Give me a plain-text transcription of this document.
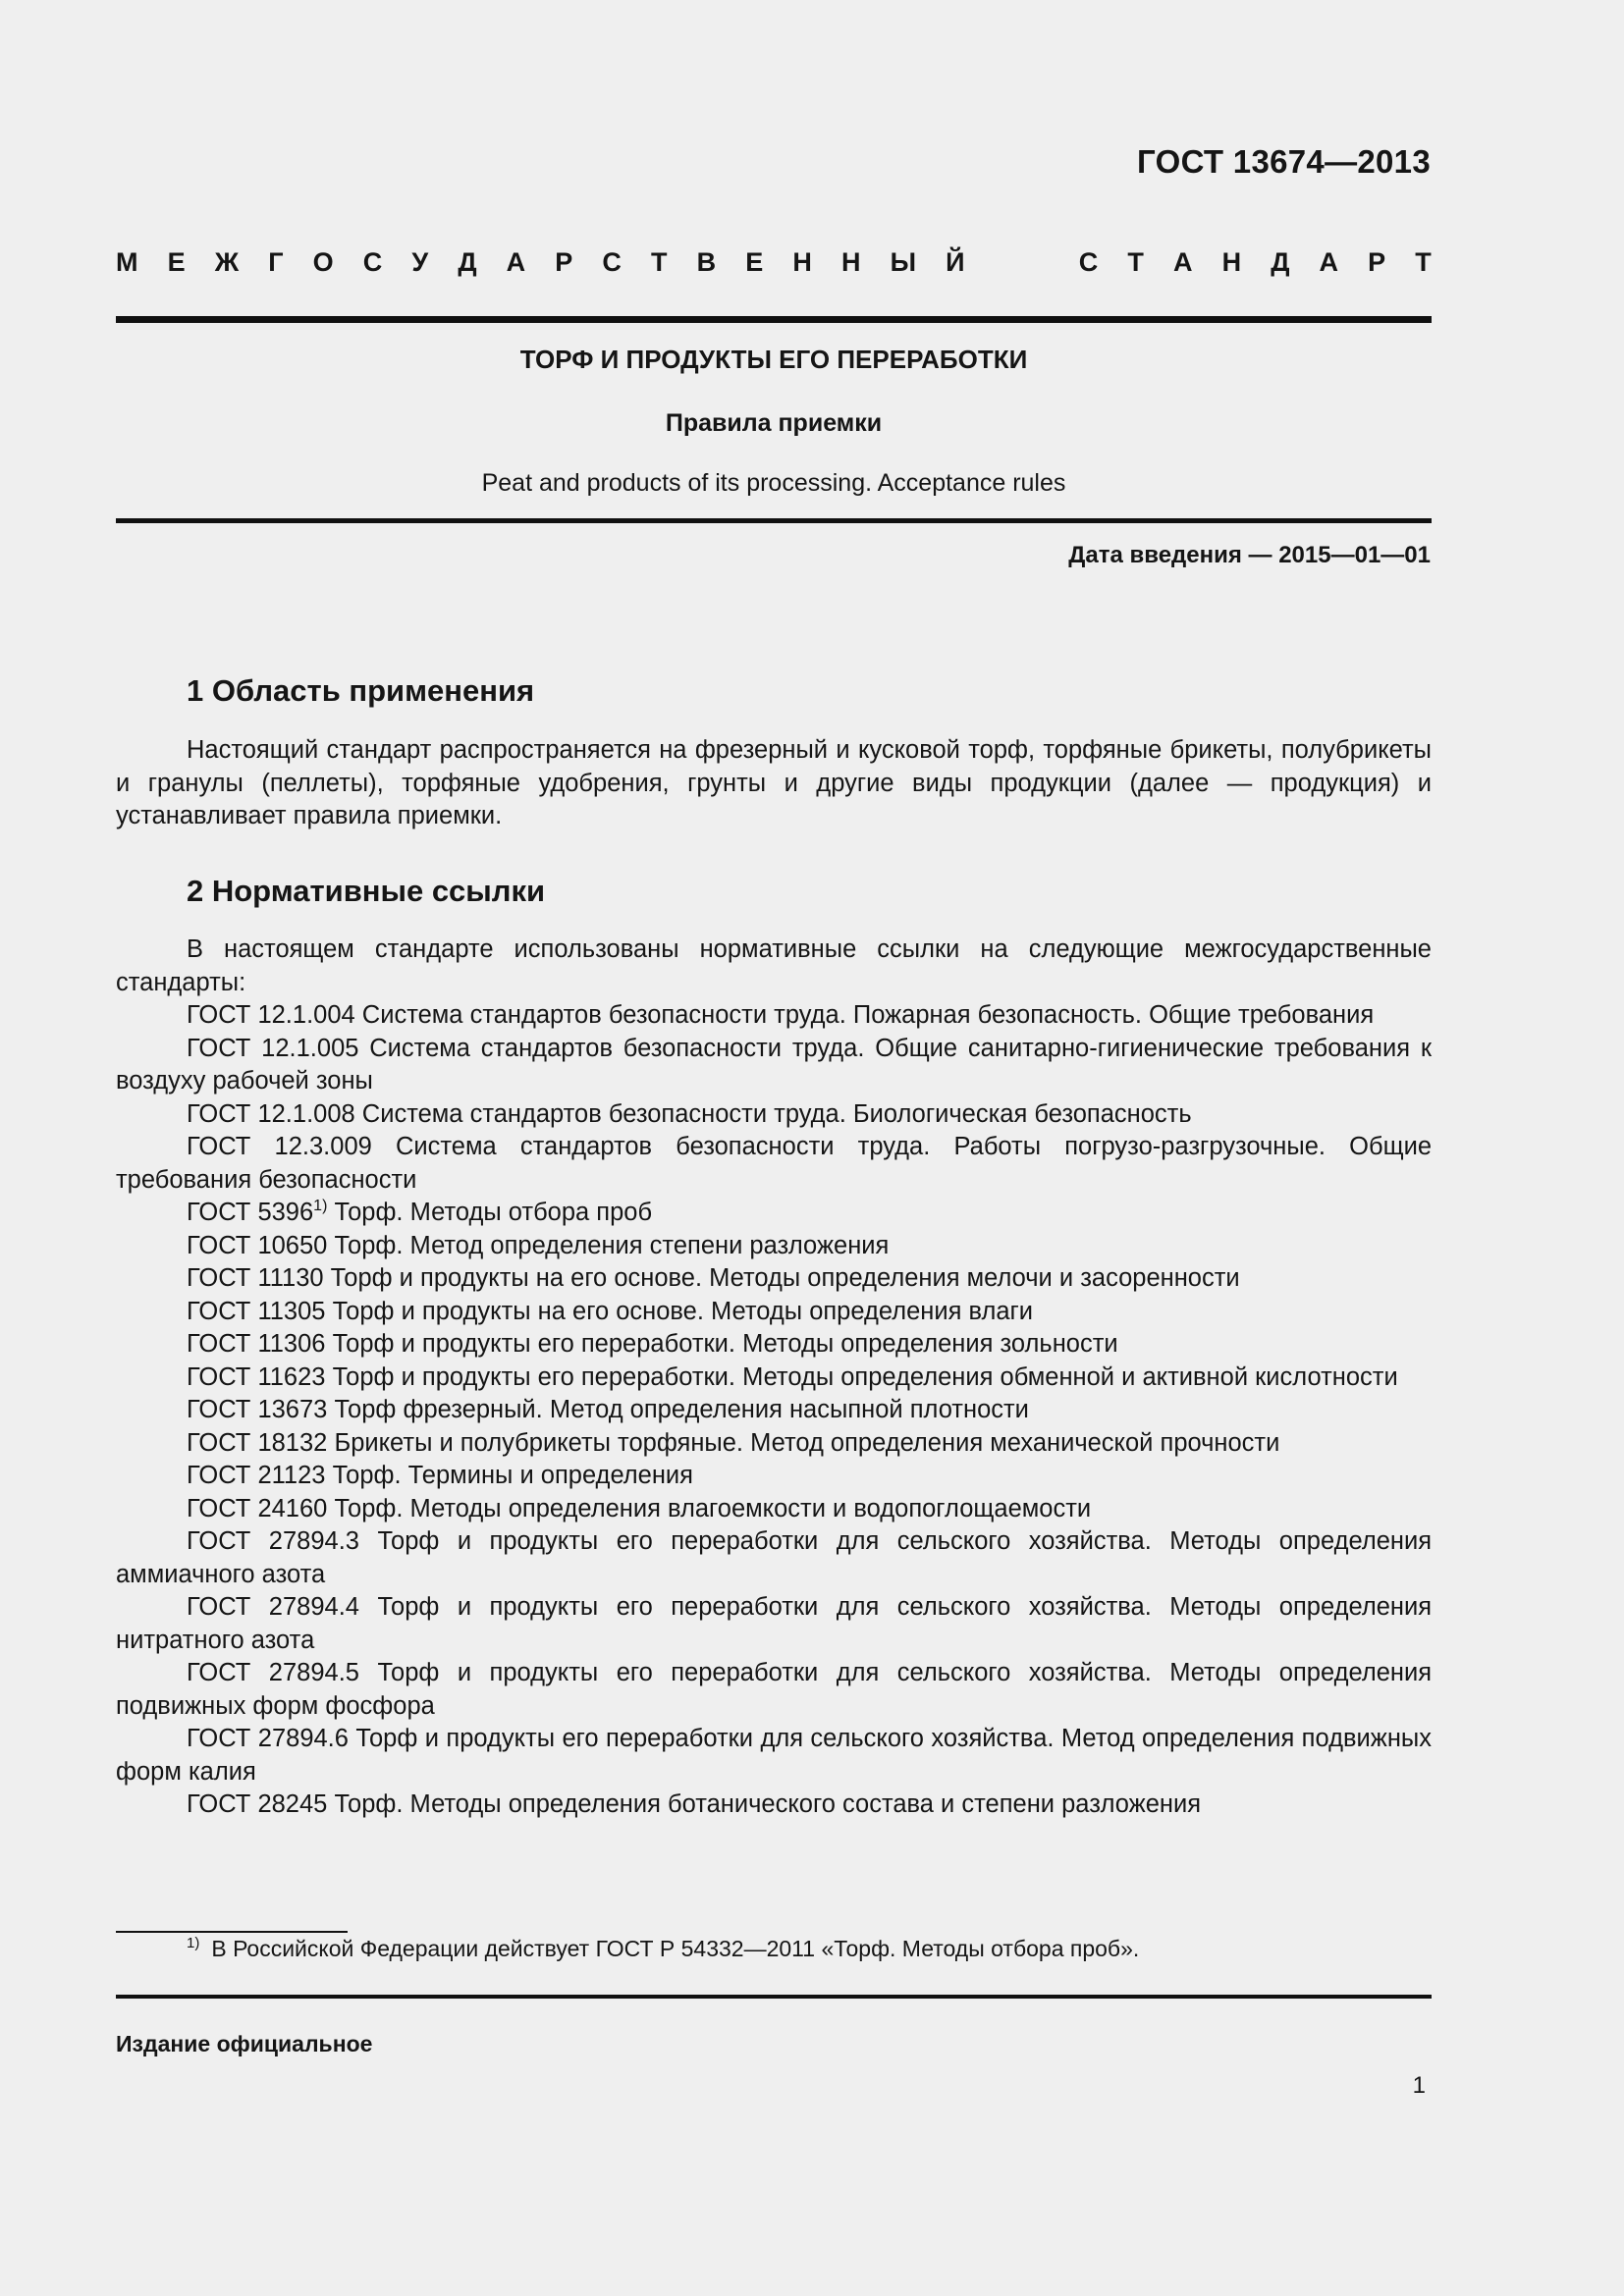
ГОСТ 13674—2013
М Е Ж Г О С У Д А Р С Т В Е Н Н Ы Й	С Т А Н Д А Р Т
ТОРФ И ПРОДУКТЫ ЕГО ПЕРЕРАБОТКИ
Правила приемки
Peat and products of its processing. Acceptance rules
Дата введения — 2015—01—01
1 Область применения

Настоящий стандарт распространяется на фрезерный и кусковой торф, торфяные брикеты, полубрикеты и гранулы (пеллеты), торфяные удобрения, грунты и другие виды продукции (далее — продукция) и устанавливает правила приемки.

2 Нормативные ссылки

В настоящем стандарте использованы нормативные ссылки на следующие межгосударственные стандарты:

ГОСТ 12.1.004 Система стандартов безопасности труда. Пожарная безопасность. Общие требования

ГОСТ 12.1.005 Система стандартов безопасности труда. Общие санитарно-гигиенические требования к воздуху рабочей зоны

ГОСТ 12.1.008 Система стандартов безопасности труда. Биологическая безопасность

ГОСТ 12.3.009 Система стандартов безопасности труда. Работы погрузо-разгрузочные. Общие требования безопасности

ГОСТ 5396$^{1)}$ Торф. Методы отбора проб

ГОСТ 10650 Торф. Метод определения степени разложения

ГОСТ 11130 Торф и продукты на его основе. Методы определения мелочи и засоренности

ГОСТ 11305 Торф и продукты на его основе. Методы определения влаги

ГОСТ 11306 Торф и продукты его переработки. Методы определения зольности

ГОСТ 11623 Торф и продукты его переработки. Методы определения обменной и активной кислотности

ГОСТ 13673 Торф фрезерный. Метод определения насыпной плотности

ГОСТ 18132 Брикеты и полубрикеты торфяные. Метод определения механической прочности

ГОСТ 21123 Торф. Термины и определения

ГОСТ 24160 Торф. Методы определения влагоемкости и водопоглощаемости

ГОСТ 27894.3 Торф и продукты его переработки для сельского хозяйства. Методы определения аммиачного азота

ГОСТ 27894.4 Торф и продукты его переработки для сельского хозяйства. Методы определения нитратного азота

ГОСТ 27894.5 Торф и продукты его переработки для сельского хозяйства. Методы определения подвижных форм фосфора

ГОСТ 27894.6 Торф и продукты его переработки для сельского хозяйства. Метод определения подвижных форм калия

ГОСТ 28245 Торф. Методы определения ботанического состава и степени разложения

$^{1)}$ В Российской Федерации действует ГОСТ Р 54332—2011 «Торф. Методы отбора проб».
Издание официальное
1
